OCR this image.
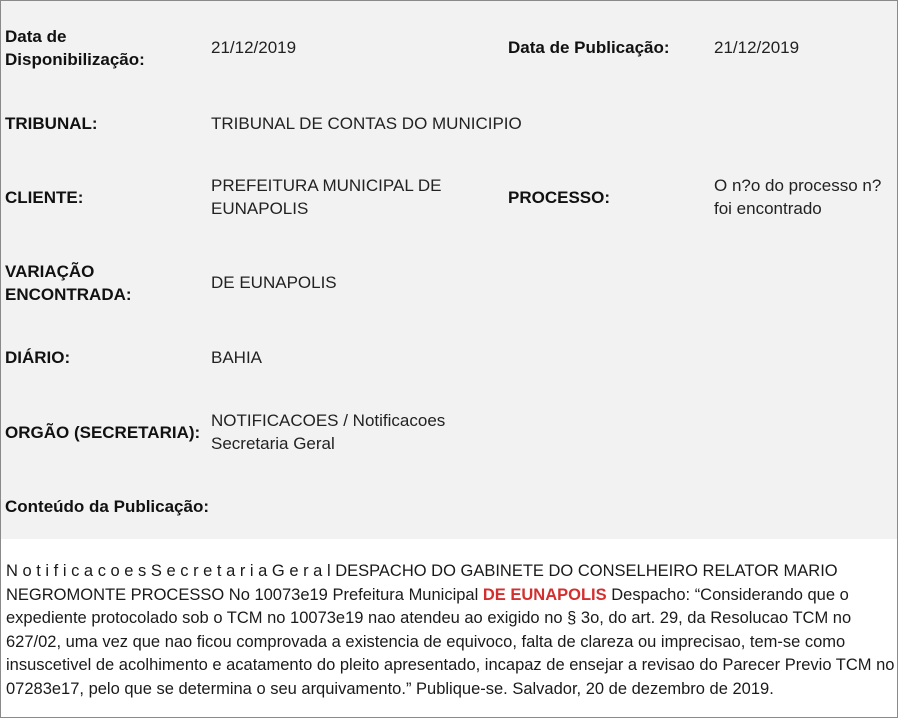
Data de Disponibilização:
21/12/2019	Data de Publicação:	21/12/2019
TRIBUNAL:	TRIBUNAL DE CONTAS DO MUNICIPIO
CLIENTE:
PREFEITURA MUNICIPAL DE EUNAPOLIS
PROCESSO:
O n?o do processo n? foi encontrado
VARIAÇÃO ENCONTRADA:
DE EUNAPOLIS
DIÁRIO:	BAHIA
ORGÃO (SECRETARIA):
NOTIFICACOES / Notificacoes Secretaria Geral
Conteúdo da Publicação:
N o t i f i c a c o e s S e c r e t a r i a G e r a l DESPACHO DO GABINETE DO CONSELHEIRO RELATOR MARIO NEGROMONTE PROCESSO No 10073e19 Prefeitura Municipal DE EUNAPOLIS Despacho: “Considerando que o expediente protocolado sob o TCM no 10073e19 nao atendeu ao exigido no § 3o, do art. 29, da Resolucao TCM no 627/02, uma vez que nao ficou comprovada a existencia de equivoco, falta de clareza ou imprecisao, tem-se como insuscetivel de acolhimento e acatamento do pleito apresentado, incapaz de ensejar a revisao do Parecer Previo TCM no 07283e17, pelo que se determina o seu arquivamento.” Publique-se. Salvador, 20 de dezembro de 2019.
